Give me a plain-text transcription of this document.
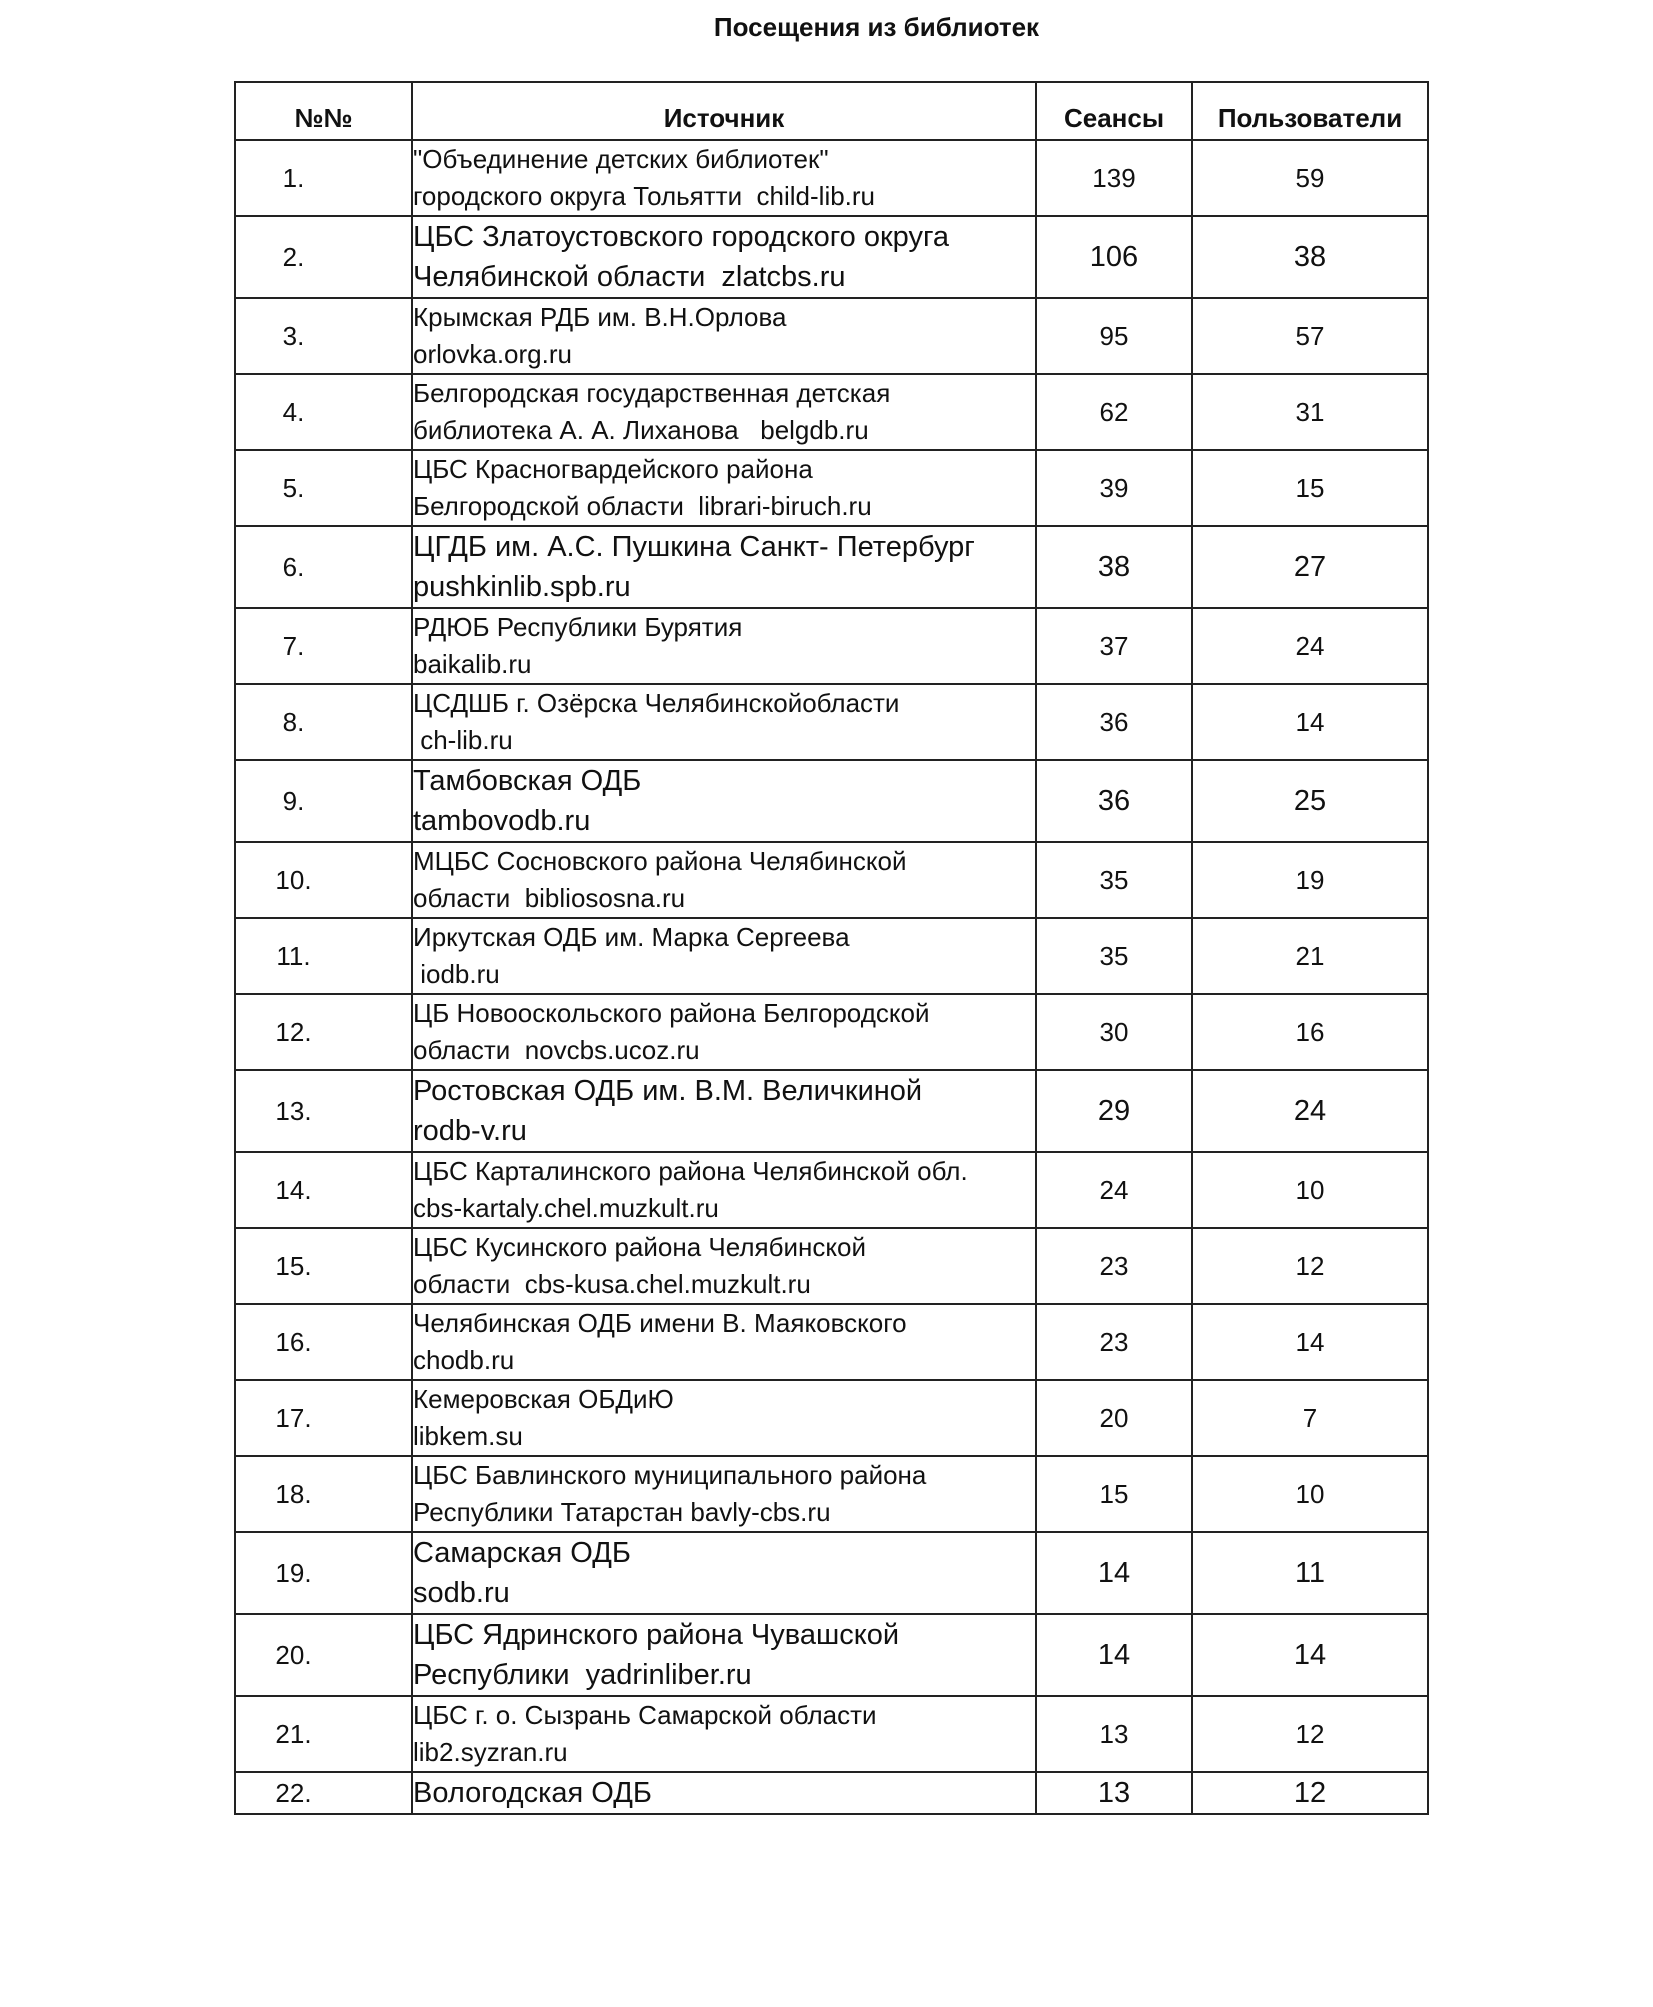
Посещения из библиотек
№№	Источник	Сеансы	Пользователи
1.	"Объединение детских библиотек"
городского округа Тольятти  child-lib.ru	139	59
2.	ЦБС Златоустовского городского округа
Челябинской области  zlatcbs.ru	106	38
3.	Крымская РДБ им. В.Н.Орлова
orlovka.org.ru	95	57
4.	Белгородская государственная детская
библиотека А. А. Лиханова   belgdb.ru	62	31
5.	ЦБС Красногвардейского района
Белгородской области  librari-biruch.ru	39	15
6.	ЦГДБ им. А.С. Пушкина Санкт- Петербург
pushkinlib.spb.ru	38	27
7.	РДЮБ Республики Бурятия
baikalib.ru	37	24
8.	ЦСДШБ г. Озёрска Челябинскойобласти
ch-lib.ru	36	14
9.	Тамбовская ОДБ
tambovodb.ru	36	25
10.	МЦБС Сосновского района Челябинской
области  bibliososna.ru	35	19
11.	Иркутская ОДБ им. Марка Сергеева
iodb.ru	35	21
12.	ЦБ Новооскольского района Белгородской
области  novcbs.ucoz.ru	30	16
13.	Ростовская ОДБ им. В.М. Величкиной
rodb-v.ru	29	24
14.	ЦБС Карталинского района Челябинской обл.
cbs-kartaly.chel.muzkult.ru	24	10
15.	ЦБС Кусинского района Челябинской
области  cbs-kusa.chel.muzkult.ru	23	12
16.	Челябинская ОДБ имени В. Маяковского
chodb.ru	23	14
17.	Кемеровская ОБДиЮ
libkem.su	20	7
18.	ЦБС Бавлинского муниципального района
Республики Татарстан bavly-cbs.ru	15	10
19.	Самарская ОДБ
sodb.ru	14	11
20.	ЦБС Ядринского района Чувашской
Республики  yadrinliber.ru	14	14
21.	ЦБС г. о. Сызрань Самарской области
lib2.syzran.ru	13	12
22.	Вологодская ОДБ	13	12
